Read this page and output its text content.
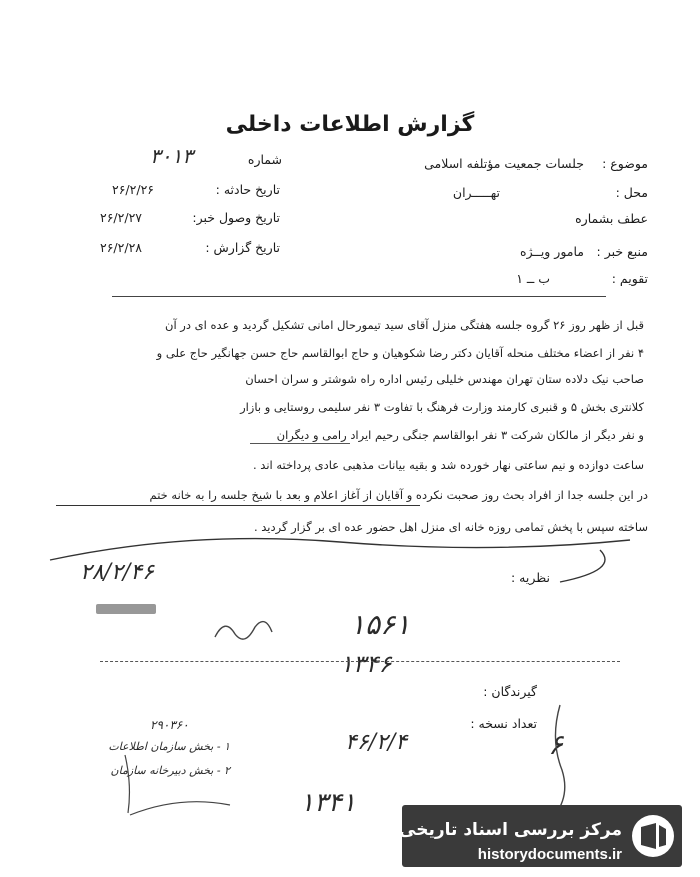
گزارش اطلاعات داخلی
شماره
۳۰۱۳	موضوع :
جلسات جمعیت مؤتلفه اسلامی
محل :
تهـــــران
عطف بشماره
منبع خبر :
مامور ویــژه
تقویم :
ب ــ ۱
تاریخ حادثه :
۲۶/۲/۲۶
تاریخ وصول خبر:
۲۶/۲/۲۷
تاریخ گزارش :
۲۶/۲/۲۸
قبل از ظهر روز ۲۶ گروه جلسه هفتگی منزل آقای سید تیمورحال امانی تشکیل گردید و عده ای در آن
۴ نفر از اعضاء مختلف منحله آقایان دکتر رضا شکوهیان و حاج ابوالقاسم حاج حسن جهانگیر حاج علی و
صاحب نیک دلاده ستان تهران مهندس خلیلی رئیس اداره راه شوشتر و سران احسان
کلانتری بخش ۵ و قنبری کارمند وزارت فرهنگ با تفاوت ۳ نفر سلیمی روستایی و بازار
و نفر دیگر از مالکان شرکت ۳ نفر ابوالقاسم جنگی رحیم ایراد رامی و دیگران
ساعت دوازده و نیم ساعتی نهار خورده شد و بقیه بیانات مذهبی عادی پرداخته اند .
در این جلسه جدا از افراد بحث روز صحبت نکرده و آقایان از آغاز اعلام و بعد با شیخ جلسه را به خانه ختم
ساخته سپس با پخش تمامی روزه خانه ای منزل اهل حضور عده ای بر گزار گردید .
نظریه :
۲۸/۲/۴۶
۱۵۶۱
۱۳۴۶
گیرندگان :
تعداد نسخه :
۶
۲۹۰۳۶۰
۱ - بخش سازمان اطلاعات
۲ - بخش دبیرخانه سازمان
۴۶/۲/۴
۱۳۴۱
مرکز بررسی اسناد تاریخی
historydocuments.ir
